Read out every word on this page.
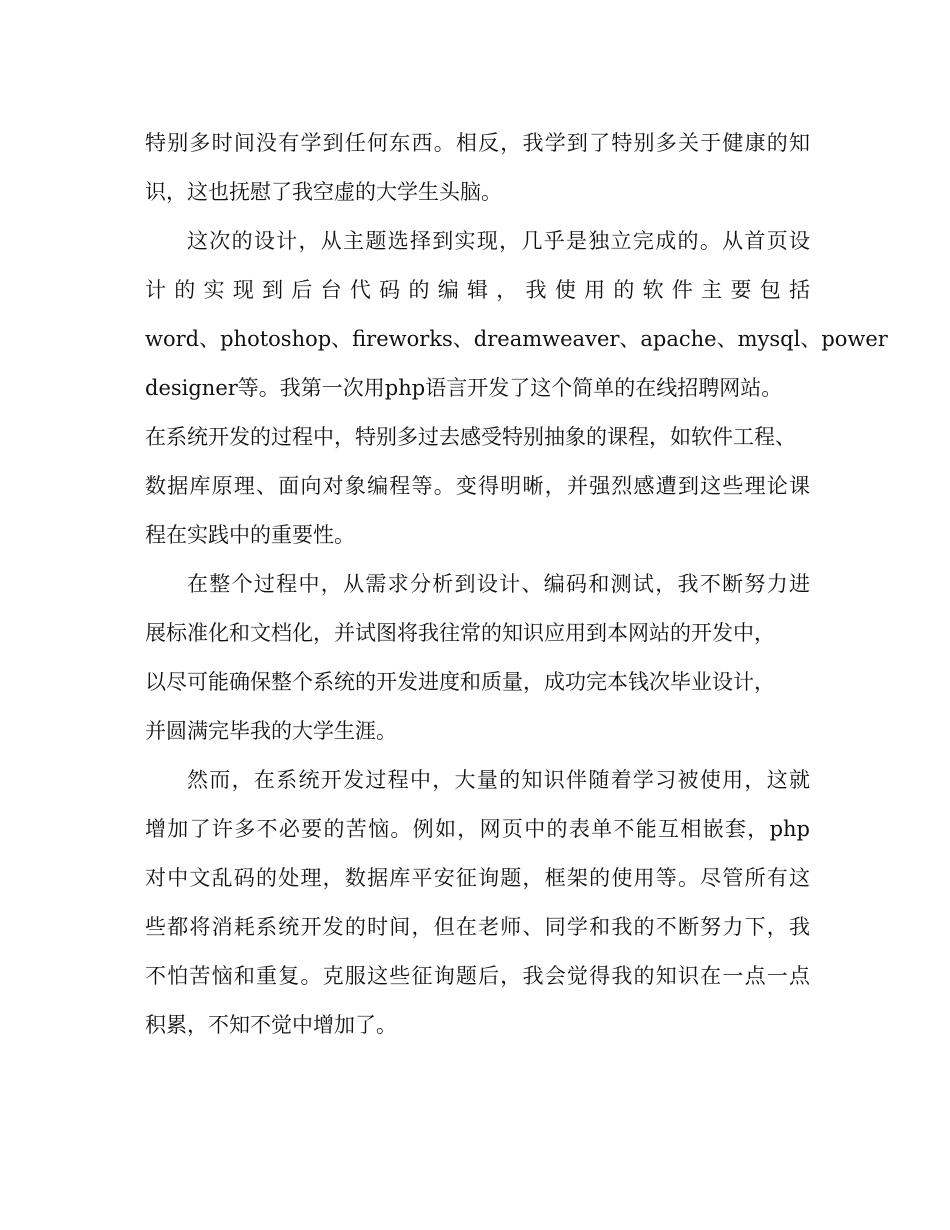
特别多时间没有学到任何东西。相反，我学到了特别多关于健康的知
识，这也抚慰了我空虚的大学生头脑。
这次的设计，从主题选择到实现，几乎是独立完成的。从首页设
计的实现到后台代码的编辑，我使用的软件主要包括
word、photoshop、fireworks、dreamweaver、apache、mysql、power
designer等。我第一次用php语言开发了这个简单的在线招聘网站。
在系统开发的过程中，特别多过去感受特别抽象的课程，如软件工程、
数据库原理、面向对象编程等。变得明晰，并强烈感遭到这些理论课
程在实践中的重要性。
在整个过程中，从需求分析到设计、编码和测试，我不断努力进
展标准化和文档化，并试图将我往常的知识应用到本网站的开发中，
以尽可能确保整个系统的开发进度和质量，成功完本钱次毕业设计，
并圆满完毕我的大学生涯。
然而，在系统开发过程中，大量的知识伴随着学习被使用，这就
增加了许多不必要的苦恼。例如，网页中的表单不能互相嵌套，php
对中文乱码的处理，数据库平安征询题，框架的使用等。尽管所有这
些都将消耗系统开发的时间，但在老师、同学和我的不断努力下，我
不怕苦恼和重复。克服这些征询题后，我会觉得我的知识在一点一点
积累，不知不觉中增加了。
